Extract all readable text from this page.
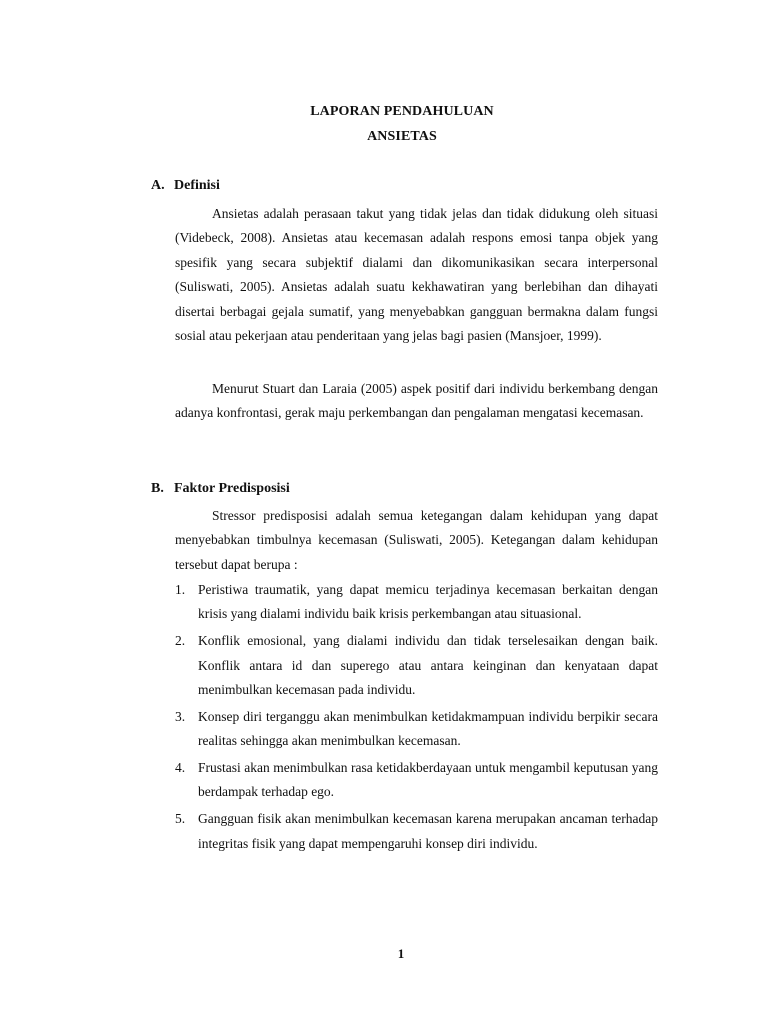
LAPORAN PENDAHULUAN
ANSIETAS
A. Definisi

Ansietas adalah perasaan takut yang tidak jelas dan tidak didukung oleh situasi (Videbeck, 2008). Ansietas atau kecemasan adalah respons emosi tanpa objek yang spesifik yang secara subjektif dialami dan dikomunikasikan secara interpersonal (Suliswati, 2005). Ansietas adalah suatu kekhawatiran yang berlebihan dan dihayati disertai berbagai gejala sumatif, yang menyebabkan gangguan bermakna dalam fungsi sosial atau pekerjaan atau penderitaan yang jelas bagi pasien (Mansjoer, 1999).

Menurut Stuart dan Laraia (2005) aspek positif dari individu berkembang dengan adanya konfrontasi, gerak maju perkembangan dan pengalaman mengatasi kecemasan.

B. Faktor Predisposisi

Stressor predisposisi adalah semua ketegangan dalam kehidupan yang dapat menyebabkan timbulnya kecemasan (Suliswati, 2005). Ketegangan dalam kehidupan tersebut dapat berupa :

1. Peristiwa traumatik, yang dapat memicu terjadinya kecemasan berkaitan dengan krisis yang dialami individu baik krisis perkembangan atau situasional.
2. Konflik emosional, yang dialami individu dan tidak terselesaikan dengan baik. Konflik antara id dan superego atau antara keinginan dan kenyataan dapat menimbulkan kecemasan pada individu.
3. Konsep diri terganggu akan menimbulkan ketidakmampuan individu berpikir secara realitas sehingga akan menimbulkan kecemasan.
4. Frustasi akan menimbulkan rasa ketidakberdayaan untuk mengambil keputusan yang berdampak terhadap ego.
5. Gangguan fisik akan menimbulkan kecemasan karena merupakan ancaman terhadap integritas fisik yang dapat mempengaruhi konsep diri individu.
1
